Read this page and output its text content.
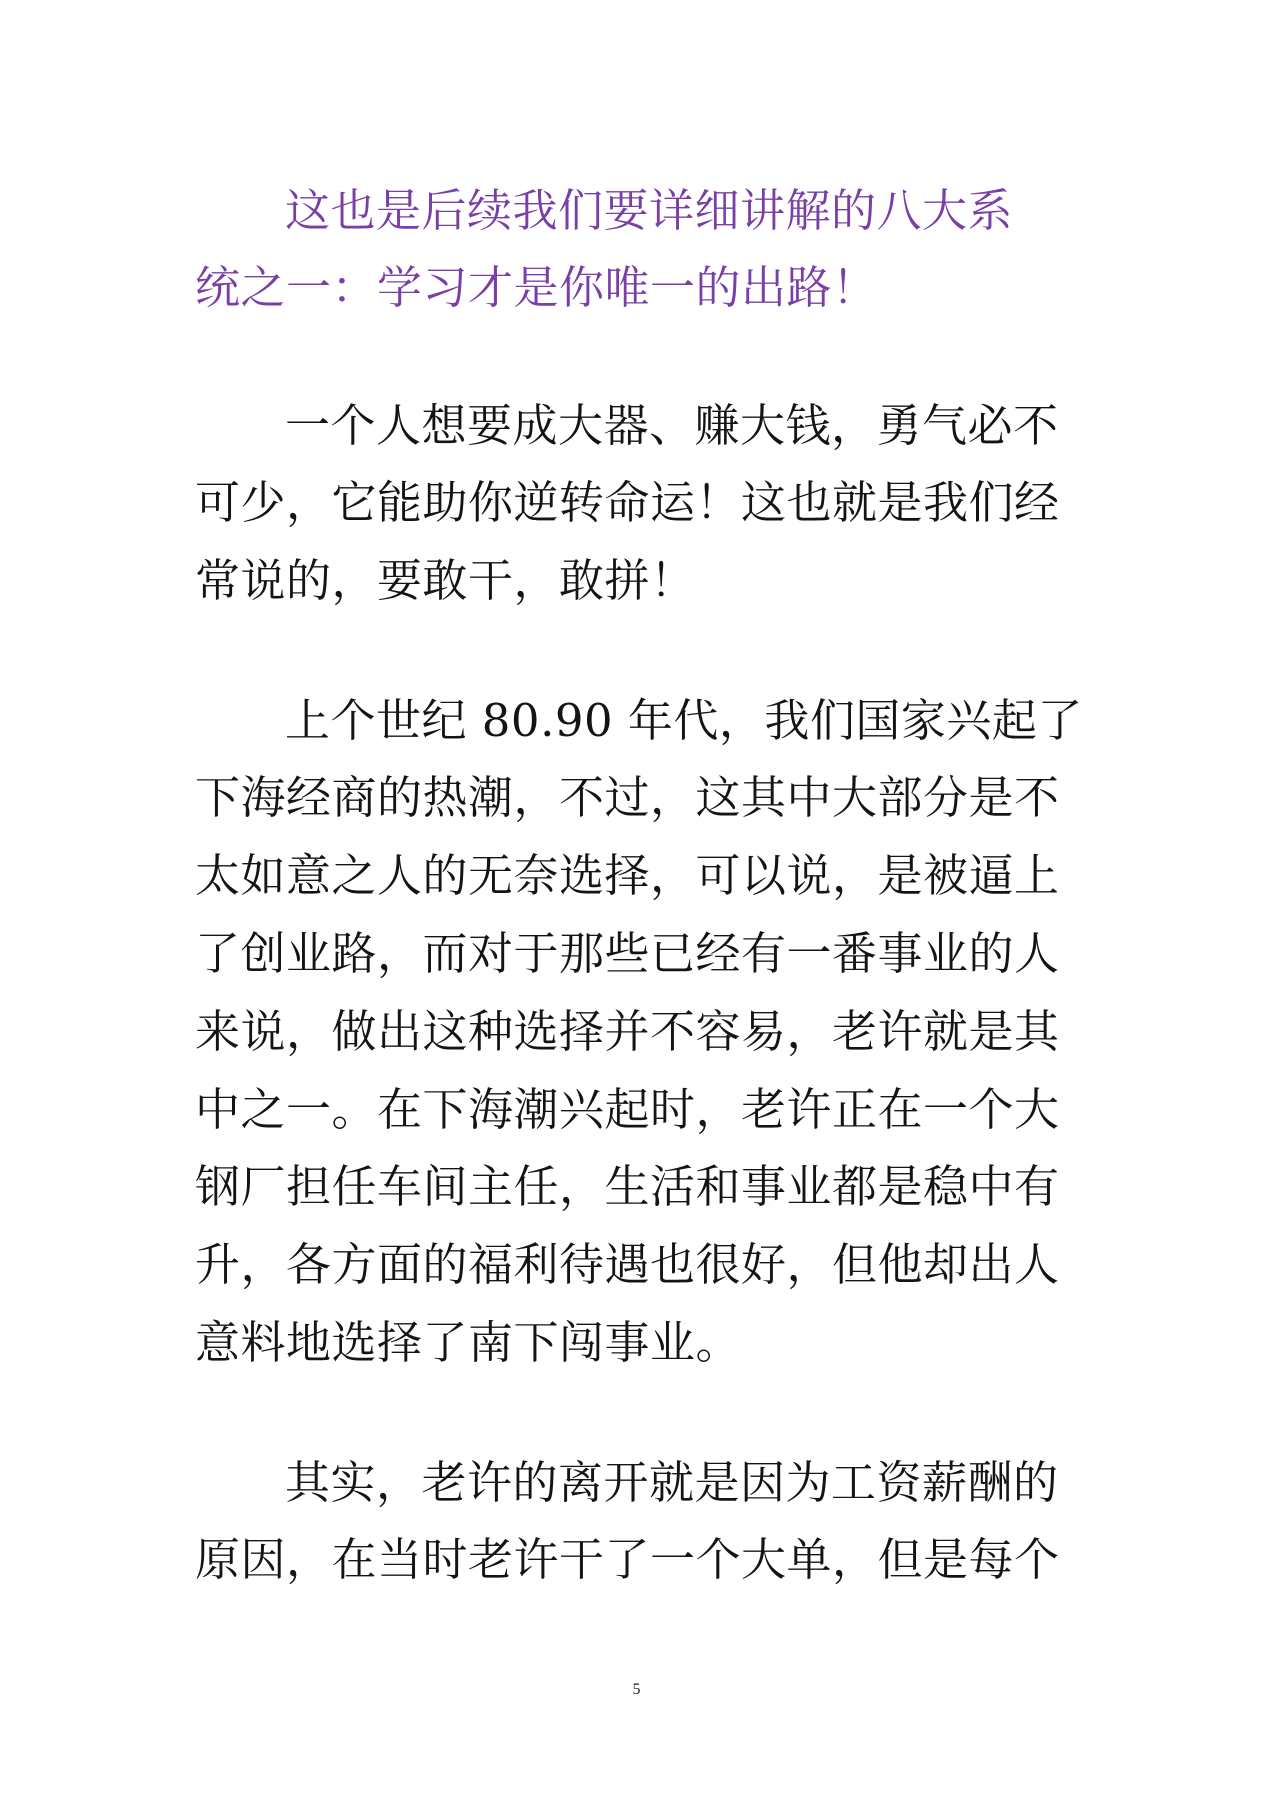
这也是后续我们要详细讲解的八大系
统之一：学习才是你唯一的出路！
一个人想要成大器、赚大钱，勇气必不
可少，它能助你逆转命运！这也就是我们经
常说的，要敢干，敢拼！
上个世纪 80.90 年代，我们国家兴起了
下海经商的热潮，不过，这其中大部分是不
太如意之人的无奈选择，可以说，是被逼上
了创业路，而对于那些已经有一番事业的人
来说，做出这种选择并不容易，老许就是其
中之一。在下海潮兴起时，老许正在一个大
钢厂担任车间主任，生活和事业都是稳中有
升，各方面的福利待遇也很好，但他却出人
意料地选择了南下闯事业。
其实，老许的离开就是因为工资薪酬的
原因，在当时老许干了一个大单，但是每个
5
